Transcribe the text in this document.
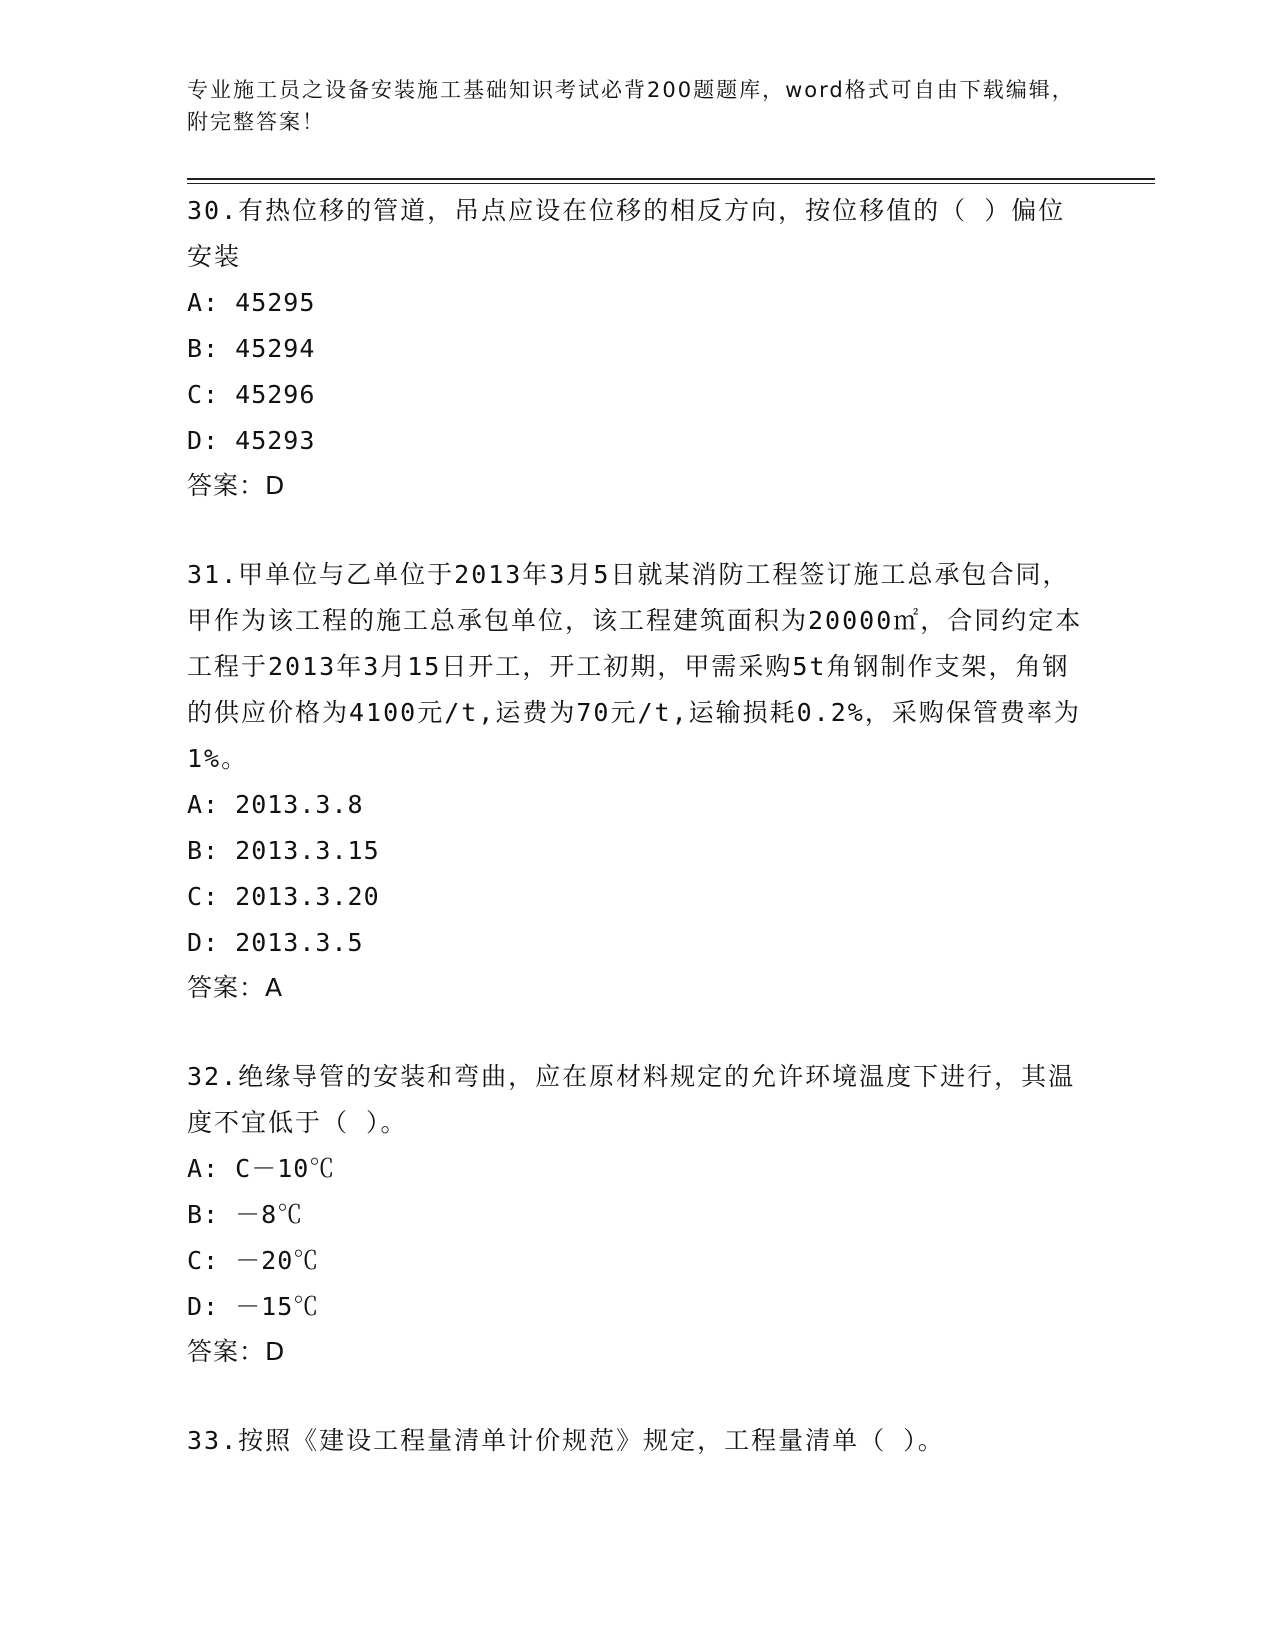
专业施工员之设备安装施工基础知识考试必背200题题库，word格式可自由下载编辑，附完整答案！
30.有热位移的管道，吊点应设在位移的相反方向，按位移值的（ ）偏位安装
A: 45295
B: 45294
C: 45296
D: 45293
答案：D
31.甲单位与乙单位于2013年3月5日就某消防工程签订施工总承包合同，甲作为该工程的施工总承包单位，该工程建筑面积为20000㎡，合同约定本工程于2013年3月15日开工，开工初期，甲需采购5t角钢制作支架，角钢的供应价格为4100元/t,运费为70元/t,运输损耗0.2%，采购保管费率为1%。
A: 2013.3.8
B: 2013.3.15
C: 2013.3.20
D: 2013.3.5
答案：A
32.绝缘导管的安装和弯曲，应在原材料规定的允许环境温度下进行，其温度不宜低于（ ）。
A: C－10℃
B: －8℃
C: －20℃
D: －15℃
答案：D
33.按照《建设工程量清单计价规范》规定，工程量清单（ ）。
